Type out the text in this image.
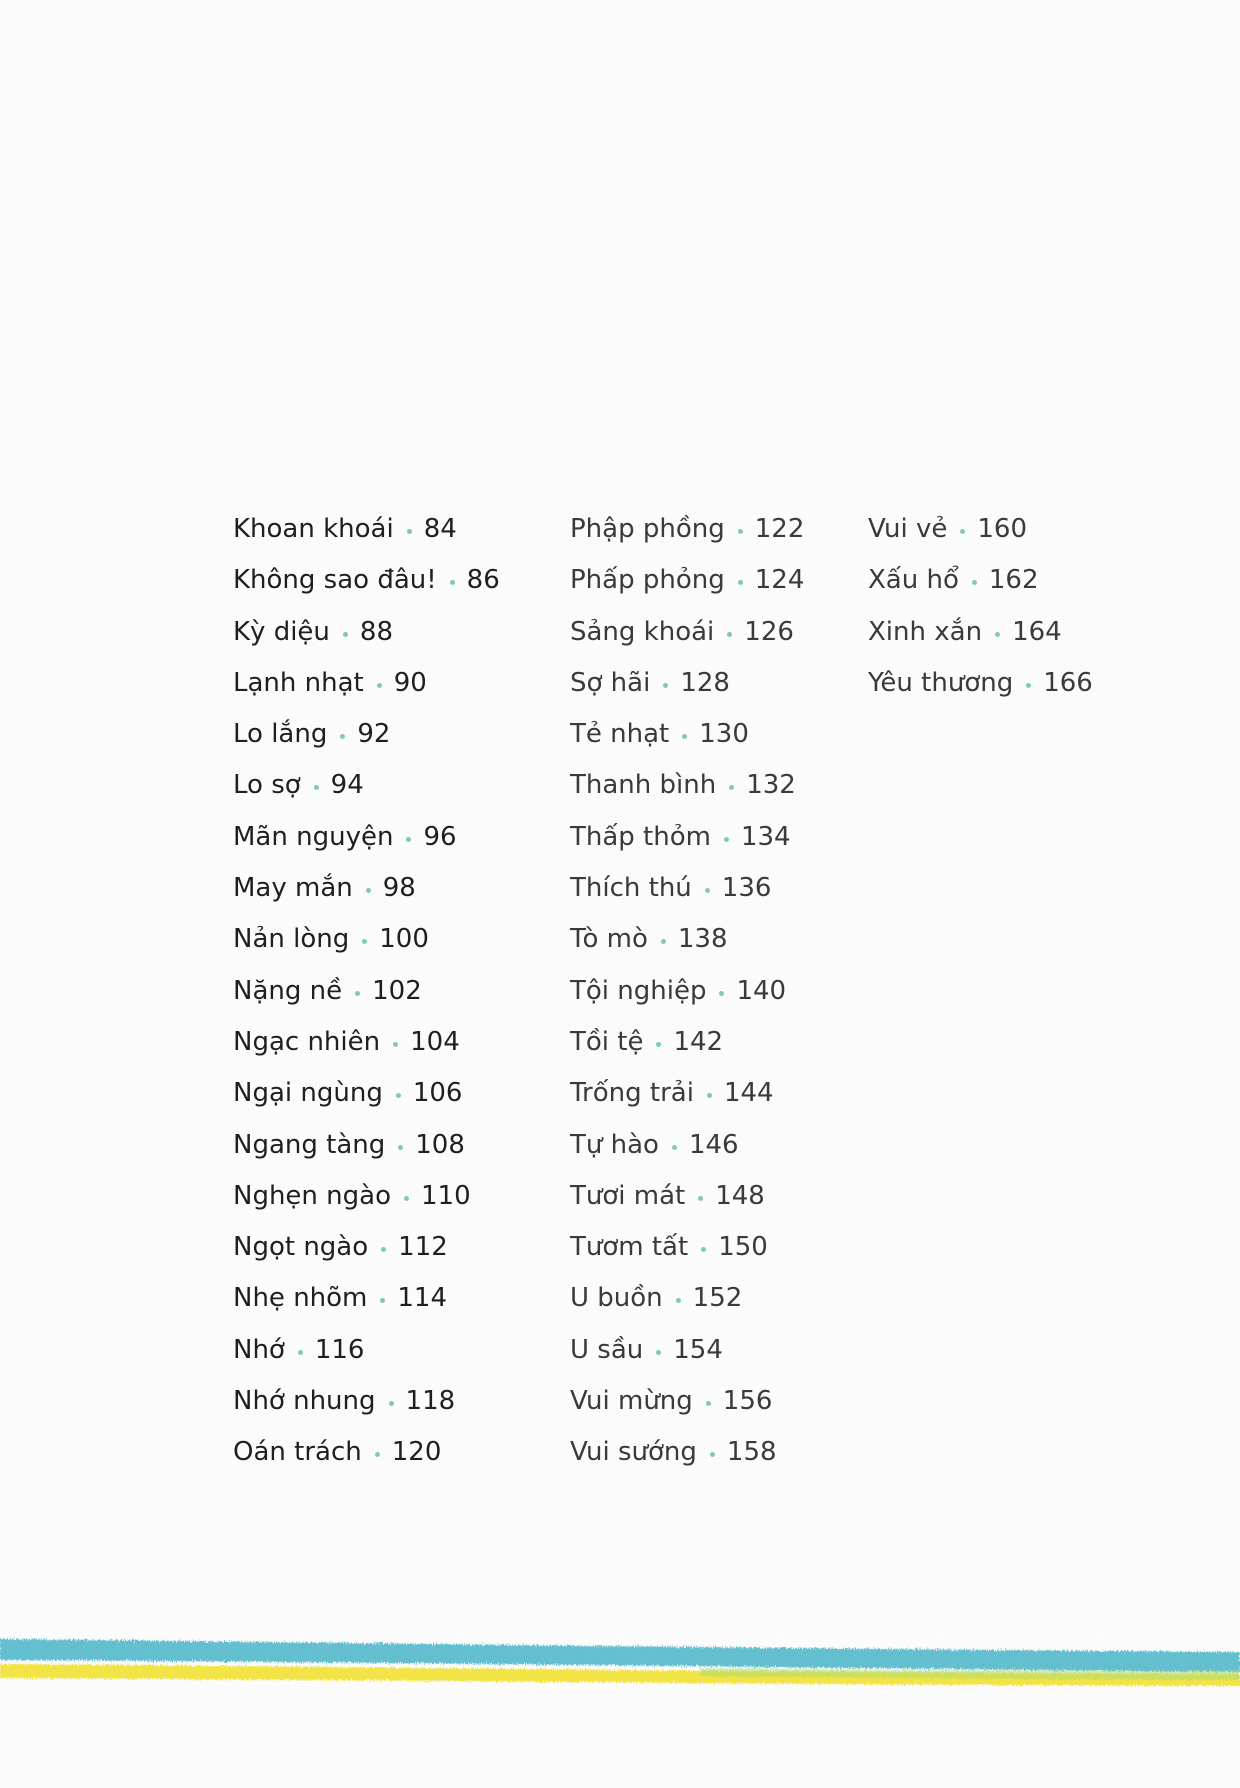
Khoan khoái 84
Không sao đâu! 86
Kỳ diệu 88
Lạnh nhạt 90
Lo lắng 92
Lo sợ 94
Mãn nguyện 96
May mắn 98
Nản lòng 100
Nặng nề 102
Ngạc nhiên 104
Ngại ngùng 106
Ngang tàng 108
Nghẹn ngào 110
Ngọt ngào 112
Nhẹ nhõm 114
Nhớ 116
Nhớ nhung 118
Oán trách 120
Phập phồng 122
Phấp phỏng 124
Sảng khoái 126
Sợ hãi 128
Tẻ nhạt 130
Thanh bình 132
Thấp thỏm 134
Thích thú 136
Tò mò 138
Tội nghiệp 140
Tồi tệ 142
Trống trải 144
Tự hào 146
Tươi mát 148
Tươm tất 150
U buồn 152
U sầu 154
Vui mừng 156
Vui sướng 158
Vui vẻ 160
Xấu hổ 162
Xinh xắn 164
Yêu thương 166
